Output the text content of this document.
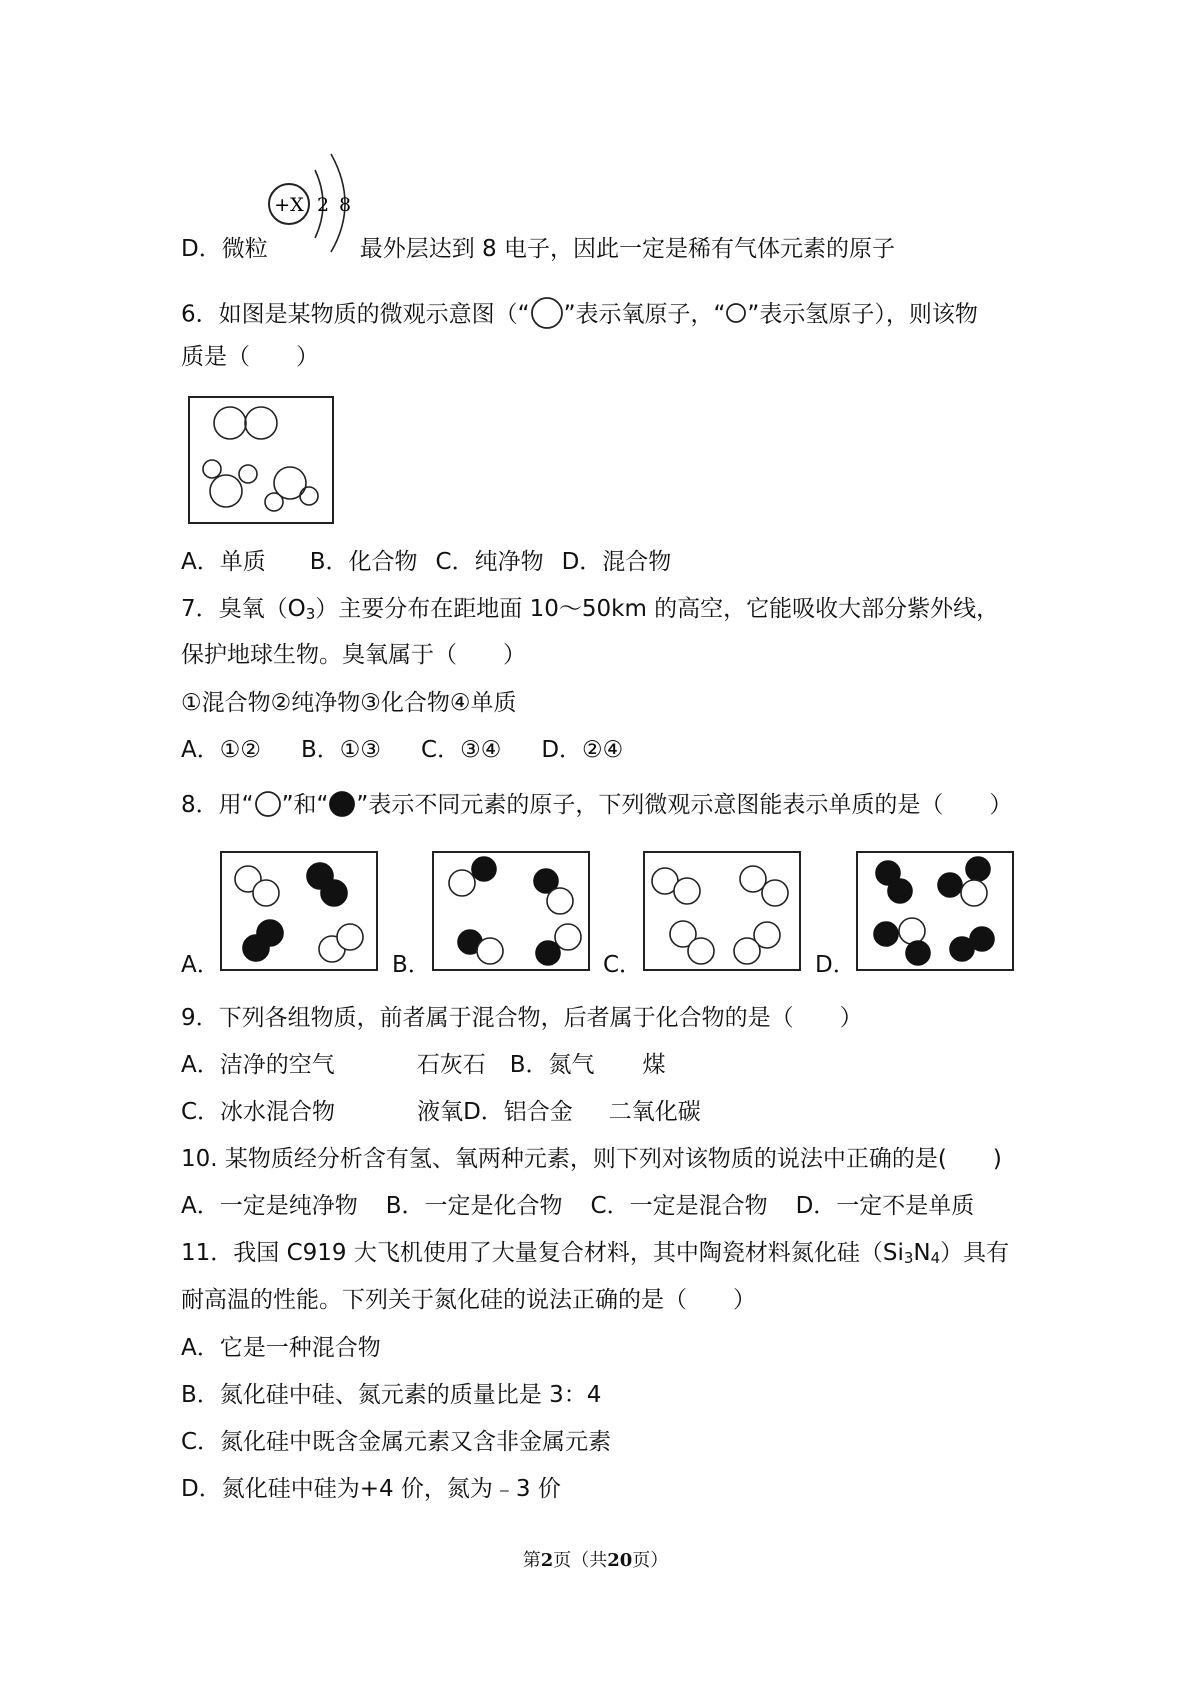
+X 2 8
D．微粒	最外层达到 8 电子，因此一定是稀有气体元素的原子
6．如图是某物质的微观示意图（“ ”表示氧原子，“ ”表示氢原子），则该物
质是（　　）
A．单质 B．化合物 C．纯净物 D．混合物
7．臭氧$(O_3)$主要分布在距地面 10～50km 的高空，它能吸收大部分紫外线，
保护地球生物。臭氧属于（　　）
①混合物②纯净物③化合物④单质
A．①② B．①③ C．③④ D．②④
8．用“ ”和“ ”表示不同元素的原子，下列微观示意图能表示单质的是（　　）
A．	B．	C．	D．
9．下列各组物质，前者属于混合物，后者属于化合物的是（　　）
A．洁净的空气	石灰石 B．氮气 煤
C．冰水混合物	液氧D．铝合金 二氧化碳
10. 某物质经分析含有氢、氧两种元素，则下列对该物质的说法中正确的是(　　)
A．一定是纯净物 B．一定是化合物 C．一定是混合物 D．一定不是单质
11．我国 C919 大飞机使用了大量复合材料，其中陶瓷材料氮化硅$(Si_3N_4)$具有
耐高温的性能。下列关于氮化硅的说法正确的是（　　）
A．它是一种混合物
B．氮化硅中硅、氮元素的质量比是 3：4
C．氮化硅中既含金属元素又含非金属元素
D．氮化硅中硅为+4 价，氮为﹣3 价
第2页（共20页）
